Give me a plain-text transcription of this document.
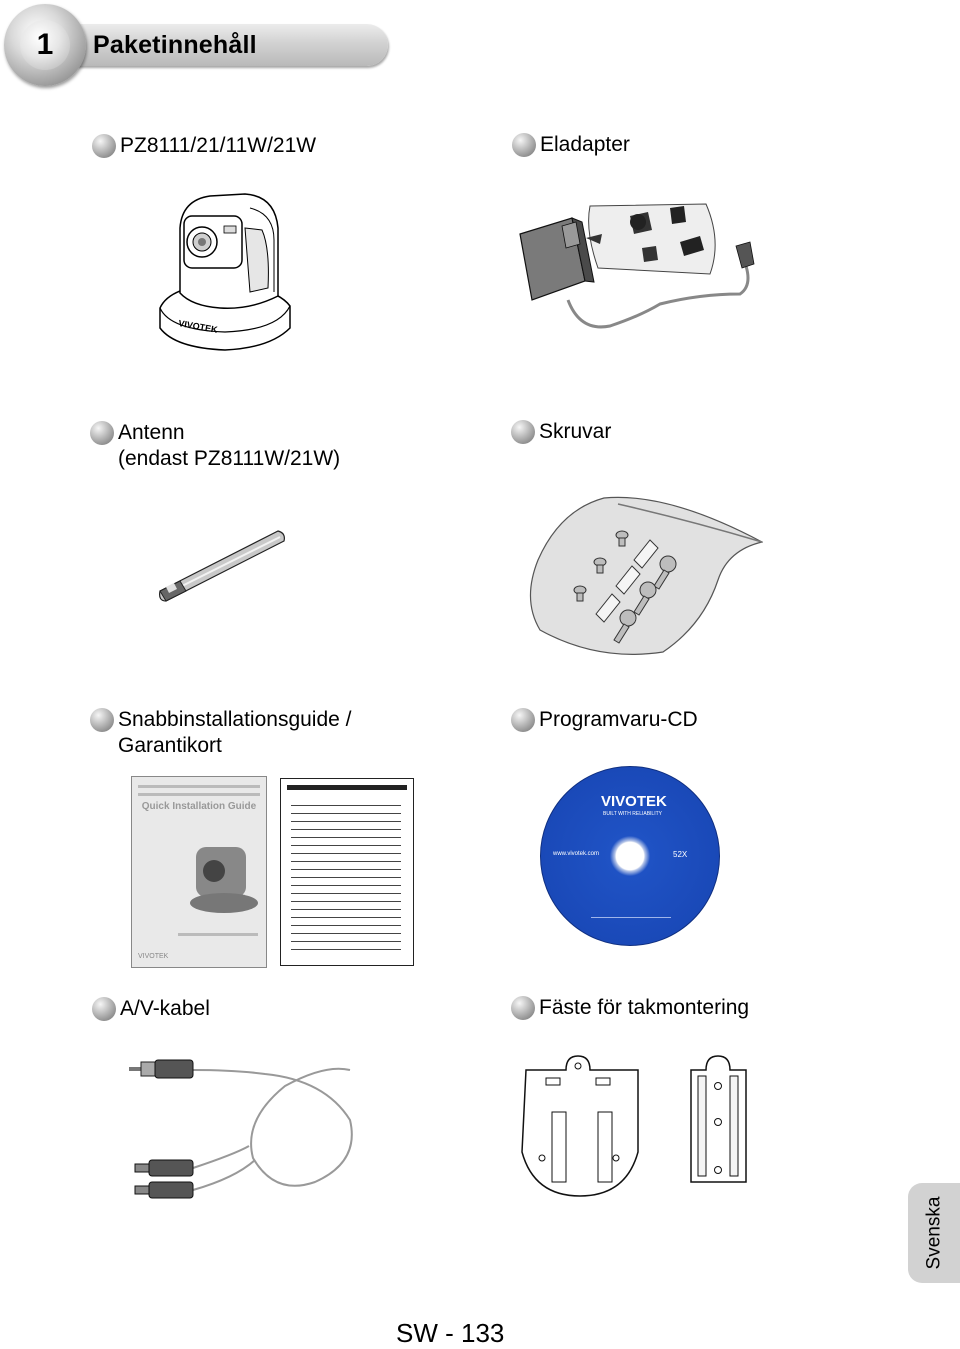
Paketinnehåll
1
PZ8111/21/11W/21W	Eladapter
Antenn
(endast PZ8111W/21W)
Skruvar
Snabbinstallationsguide /
Garantikort
Programvaru-CD
A/V-kabel	Fäste för takmontering
VIVOTEK
Quick Installation Guide
VIVOTEK
VIVOTEK
BUILT WITH RELIABILITY
www.vivotek.com	52X
Svenska
SW - 133
